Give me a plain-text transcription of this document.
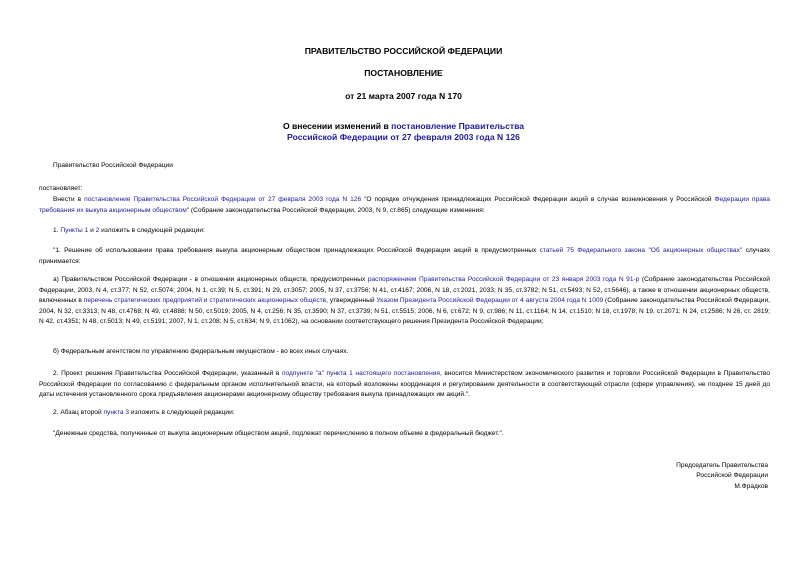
ПРАВИТЕЛЬСТВО РОССИЙСКОЙ ФЕДЕРАЦИИ
ПОСТАНОВЛЕНИЕ
от 21 марта 2007 года N 170
О внесении изменений в постановление Правительства
Российской Федерации от 27 февраля 2003 года N 126

Правительство Российской Федерации

постановляет:

Внести в постановление Правительства Российской Федерации от 27 февраля 2003 года N 126 "О порядке отчуждения принадлежащих Российской Федерации акций в случае возникновения у Российской Федерации права требования их выкупа акционерным обществом" (Собрание законодательства Российской Федерации, 2003, N 9, ст.865) следующие изменения:

1. Пункты 1 и 2 изложить в следующей редакции:

"1. Решение об использовании права требования выкупа акционерным обществом принадлежащих Российской Федерации акций в предусмотренных статьей 75 Федерального закона "Об акционерных обществах" случаях принимается:

а) Правительством Российской Федерации - в отношении акционерных обществ, предусмотренных распоряжением Правительства Российской Федерации от 23 января 2003 года N 91-р (Собрание законодательства Российской Федерации, 2003, N 4, ст.377; N 52, ст.5074; 2004, N 1, ст.39; N 5, ст.391; N 29, ст.3057; 2005, N 37, ст.3756; N 41, ст.4167; 2006, N 18, ст.2021, 2033; N 35, ст.3782; N 51, ст.5493; N 52, ст.5646), а также в отношении акционерных обществ, включенных в перечень стратегических предприятий и стратегических акционерных обществ, утвержденный Указом Президента Российской Федерации от 4 августа 2004 года N 1009 (Собрание законодательства Российской Федерации, 2004, N 32, ст.3313; N 48, ст.4768; N 49, ст.4888; N 50, ст.5019; 2005, N 4, ст.256; N 35, ст.3590; N 37, ст.3739; N 51, ст.5515; 2006, N 6, ст.672; N 9, ст.986; N 11, ст.1164; N 14, ст.1510; N 18, ст.1978; N 19, ст.2071; N 24, ст.2586; N 26, ст. 2819; N 42, ст.4351; N 48, ст.5013; N 49, ст.5191; 2007, N 1, ст.208; N 5, ст.634; N 9, ст.1062), на основании соответствующего решения Президента Российской Федерации;

б) Федеральным агентством по управлению федеральным имуществом - во всех иных случаях.

2. Проект решения Правительства Российской Федерации, указанный в подпункте "а" пункта 1 настоящего постановления, вносится Министерством экономического развития и торговли Российской Федерации в Правительство Российской Федерации по согласованию с федеральным органом исполнительной власти, на который возложены координация и регулирование деятельности в соответствующей отрасли (сфере управления), не позднее 15 дней до даты истечения установленного срока предъявления акционерами акционерному обществу требования выкупа принадлежащих им акций.".

2. Абзац второй пункта 3 изложить в следующей редакции:

"Денежные средства, полученные от выкупа акционерным обществом акций, подлежат перечислению в полном объеме в федеральный бюджет.".

Председатель Правительства
Российской Федерации
М.Фрадков
